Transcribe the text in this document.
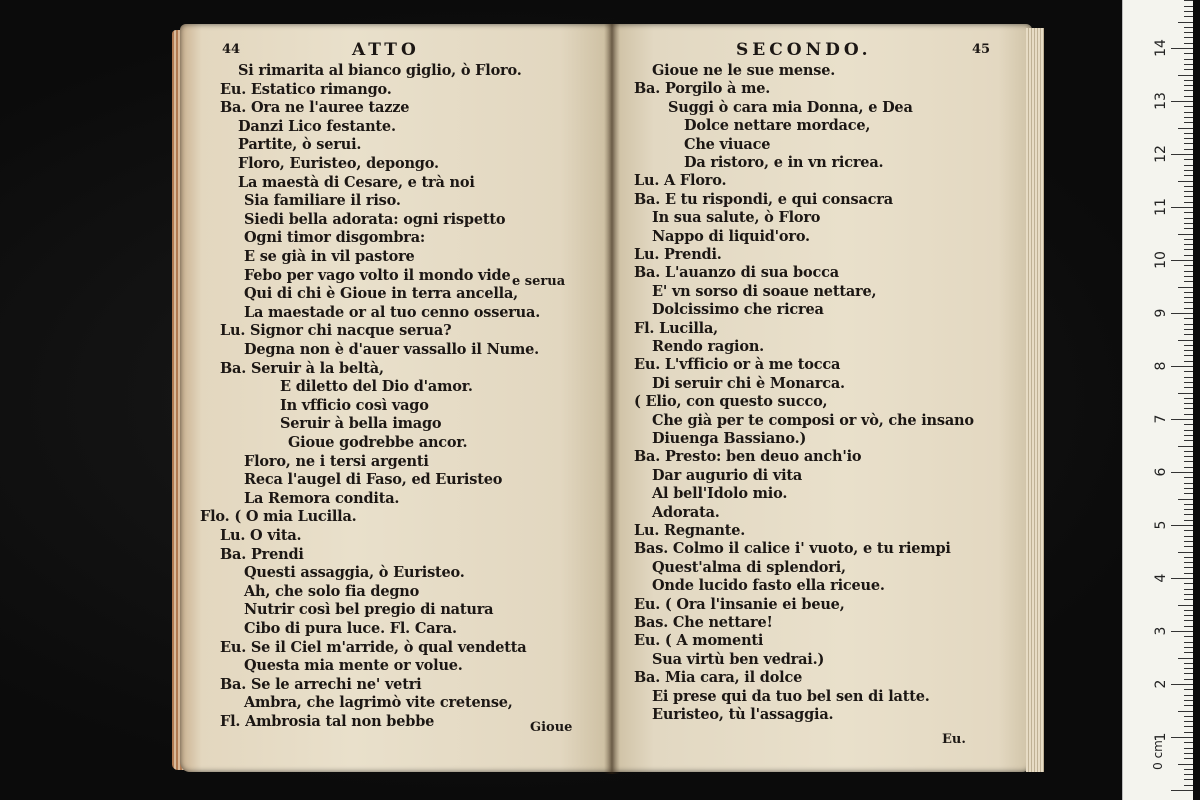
44	ATTO
Si rimarita al bianco giglio, ò Floro.
Eu. Estatico rimango.
Ba. Ora ne l'auree tazze
Danzi Lico festante.
Partite, ò serui.
Floro, Euristeo, depongo.
La maestà di Cesare, e trà noi
Sia familiare il riso.
Siedi bella adorata: ogni rispetto
Ogni timor disgombra:
E se già in vil pastore
Febo per vago volto il mondo vide
Qui di chi è Gioue in terra ancella,
La maestade or al tuo cenno osserua.
Lu. Signor chi nacque serua?
Degna non è d'auer vassallo il Nume.
Ba. Seruir à la beltà,
E diletto del Dio d'amor.
In vfficio così vago
Seruir à bella imago
Gioue godrebbe ancor.
Floro, ne i tersi argenti
Reca l'augel di Faso, ed Euristeo
La Remora condita.
Flo. ( O mia Lucilla.
Lu. O vita.
Ba. Prendi
Questi assaggia, ò Euristeo.
Ah, che solo fia degno
Nutrir così bel pregio di natura
Cibo di pura luce. Fl. Cara.
Eu. Se il Ciel m'arride, ò qual vendetta
Questa mia mente or volue.
Ba. Se le arrechi ne' vetri
Ambra, che lagrimò vite cretense,
Fl. Ambrosia tal non bebbe
e serua
Gioue
SECONDO.	45
Gioue ne le sue mense.
Ba. Porgilo à me.
Suggi ò cara mia Donna, e Dea
Dolce nettare mordace,
Che viuace
Da ristoro, e in vn ricrea.
Lu. A Floro.
Ba. E tu rispondi, e qui consacra
In sua salute, ò Floro
Nappo di liquid'oro.
Lu. Prendi.
Ba. L'auanzo di sua bocca
E' vn sorso di soaue nettare,
Dolcissimo che ricrea
Fl. Lucilla,
Rendo ragion.
Eu. L'vfficio or à me tocca
Di seruir chi è Monarca.
( Elio, con questo succo,
Che già per te composi or vò, che insano
Diuenga Bassiano.)
Ba. Presto: ben deuo anch'io
Dar augurio di vita
Al bell'Idolo mio.
Adorata.
Lu. Regnante.
Bas. Colmo il calice i' vuoto, e tu riempi
Quest'alma di splendori,
Onde lucido fasto ella riceue.
Eu. ( Ora l'insanie ei beue,
Bas. Che nettare!
Eu. ( A momenti
Sua virtù ben vedrai.)
Ba. Mia cara, il dolce
Ei prese qui da tuo bel sen di latte.
Euristeo, tù l'assaggia.
Eu.
14
13
12
11
10
9
8
7
6
5
4
3
2
1
0 cm
